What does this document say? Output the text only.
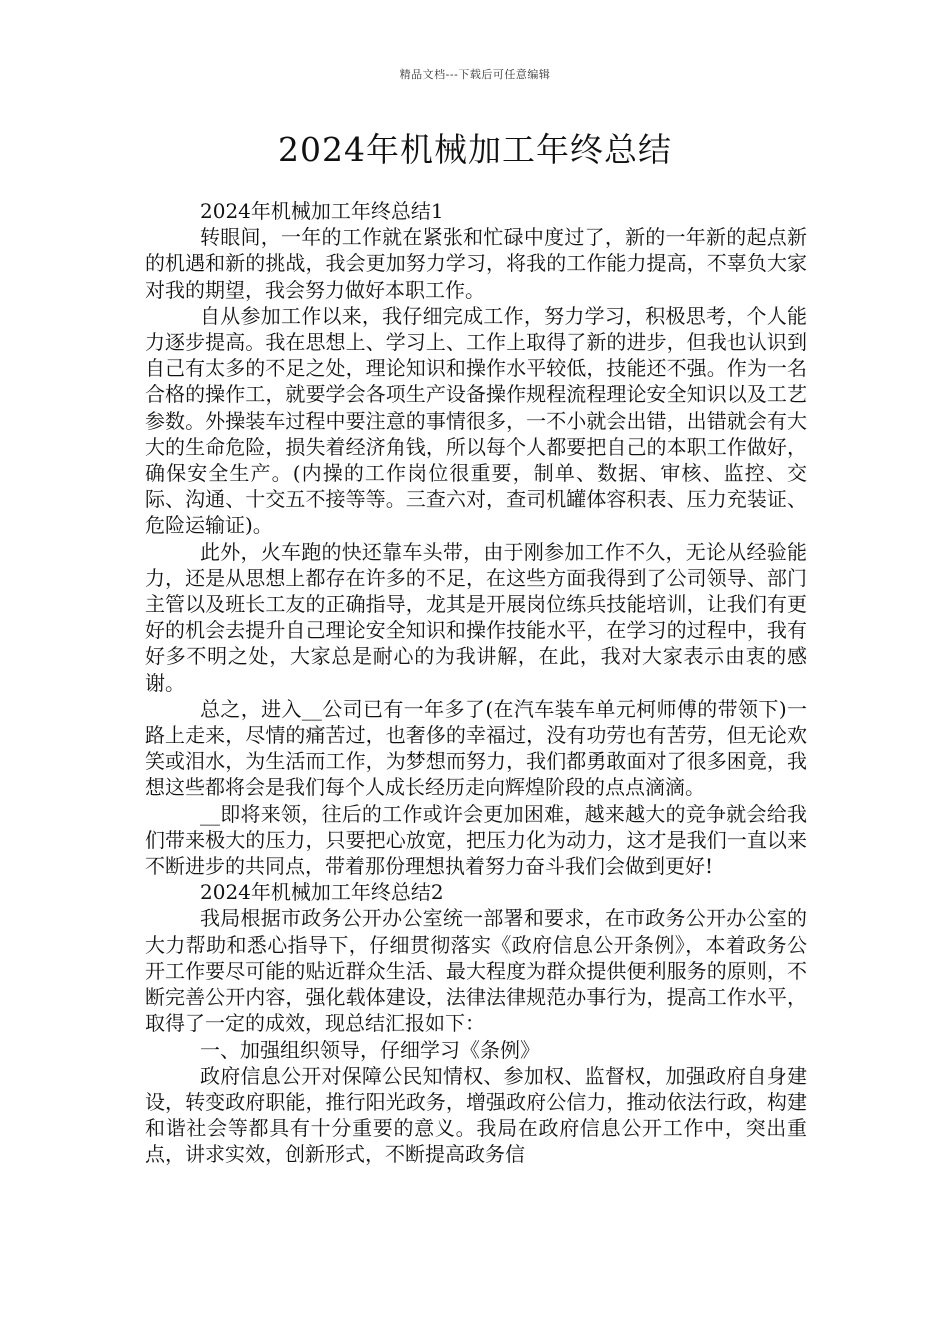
精品文档---下载后可任意编辑
2024年机械加工年终总结

2024年机械加工年终总结1

转眼间，一年的工作就在紧张和忙碌中度过了，新的一年新的起点新的机遇和新的挑战，我会更加努力学习，将我的工作能力提高，不辜负大家对我的期望，我会努力做好本职工作。

自从参加工作以来，我仔细完成工作，努力学习，积极思考，个人能力逐步提高。我在思想上、学习上、工作上取得了新的进步，但我也认识到自己有太多的不足之处，理论知识和操作水平较低，技能还不强。作为一名合格的操作工，就要学会各项生产设备操作规程流程理论安全知识以及工艺参数。外操装车过程中要注意的事情很多，一不小就会出错，出错就会有大大的生命危险，损失着经济角钱，所以每个人都要把自己的本职工作做好，确保安全生产。(内操的工作岗位很重要，制单、数据、审核、监控、交际、沟通、十交五不接等等。三查六对，查司机罐体容积表、压力充装证、危险运输证)。

此外，火车跑的快还靠车头带，由于刚参加工作不久，无论从经验能力，还是从思想上都存在许多的不足，在这些方面我得到了公司领导、部门主管以及班长工友的正确指导，龙其是开展岗位练兵技能培训，让我们有更好的机会去提升自己理论安全知识和操作技能水平，在学习的过程中，我有好多不明之处，大家总是耐心的为我讲解，在此，我对大家表示由衷的感谢。

总之，进入__公司已有一年多了(在汽车装车单元柯师傅的带领下)一路上走来，尽情的痛苦过，也奢侈的幸福过，没有功劳也有苦劳，但无论欢笑或泪水，为生活而工作，为梦想而努力，我们都勇敢面对了很多困竟，我想这些都将会是我们每个人成长经历走向辉煌阶段的点点滴滴。

__即将来领，往后的工作或许会更加困难，越来越大的竞争就会给我们带来极大的压力，只要把心放宽，把压力化为动力，这才是我们一直以来不断进步的共同点，带着那份理想执着努力奋斗我们会做到更好!

2024年机械加工年终总结2

我局根据市政务公开办公室统一部署和要求，在市政务公开办公室的大力帮助和悉心指导下，仔细贯彻落实《政府信息公开条例》，本着政务公开工作要尽可能的贴近群众生活、最大程度为群众提供便利服务的原则，不断完善公开内容，强化载体建设，法律法律规范办事行为，提高工作水平，取得了一定的成效，现总结汇报如下：

一、加强组织领导，仔细学习《条例》

政府信息公开对保障公民知情权、参加权、监督权，加强政府自身建设，转变政府职能，推行阳光政务，增强政府公信力，推动依法行政，构建和谐社会等都具有十分重要的意义。我局在政府信息公开工作中，突出重点，讲求实效，创新形式，不断提高政务信
